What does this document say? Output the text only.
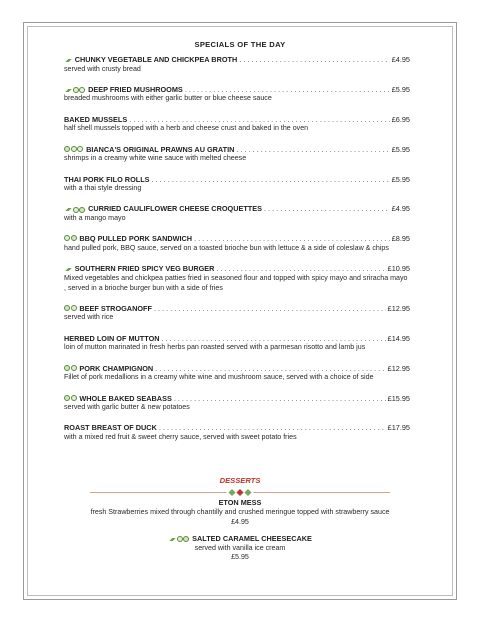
SPECIALS OF THE DAY
CHUNKY VEGETABLE AND CHICKPEA BROTH . . .	£4.95
served with crusty bread
DEEP FRIED MUSHROOMS . . .	£5.95
breaded mushrooms with either garlic butter or blue cheese sauce
BAKED MUSSELS . . .	£6.95
half shell mussels topped with a herb and cheese crust and baked in the oven
BIANCA'S ORIGINAL PRAWNS AU GRATIN . . .	£5.95
shrimps in a creamy white wine sauce with melted cheese
THAI PORK FILO ROLLS . . .	£5.95
with a thai style dressing
CURRIED CAULIFLOWER CHEESE CROQUETTES . . .	£4.95
with a mango mayo
BBQ PULLED PORK SANDWICH . . .	£8.95
hand pulled pork, BBQ sauce, served on a toasted brioche bun with lettuce & a side of coleslaw & chips
SOUTHERN FRIED SPICY VEG BURGER . . .	£10.95
Mixed vegetables and chickpea patties fried in seasoned flour and topped with spicy mayo and sriracha mayo , served in a brioche burger bun with a side of fries
BEEF STROGANOFF . . .	£12.95
served with rice
HERBED LOIN OF MUTTON . . .	£14.95
loin of mutton marinated in fresh herbs pan roasted served with a parmesan risotto and lamb jus
PORK CHAMPIGNON . . .	£12.95
Fillet of pork medallions in a creamy white wine and mushroom sauce, served with a choice of side
WHOLE BAKED SEABASS . . .	£15.95
served with garlic butter & new potatoes
ROAST BREAST OF DUCK . . .	£17.95
with a mixed red fruit & sweet cherry sauce, served with sweet potato fries
DESSERTS
ETON MESS
fresh Strawberries mixed through chantilly and crushed meringue topped with strawberry sauce
£4.95
SALTED CARAMEL CHEESECAKE
served with vanilla ice cream
£5.95
